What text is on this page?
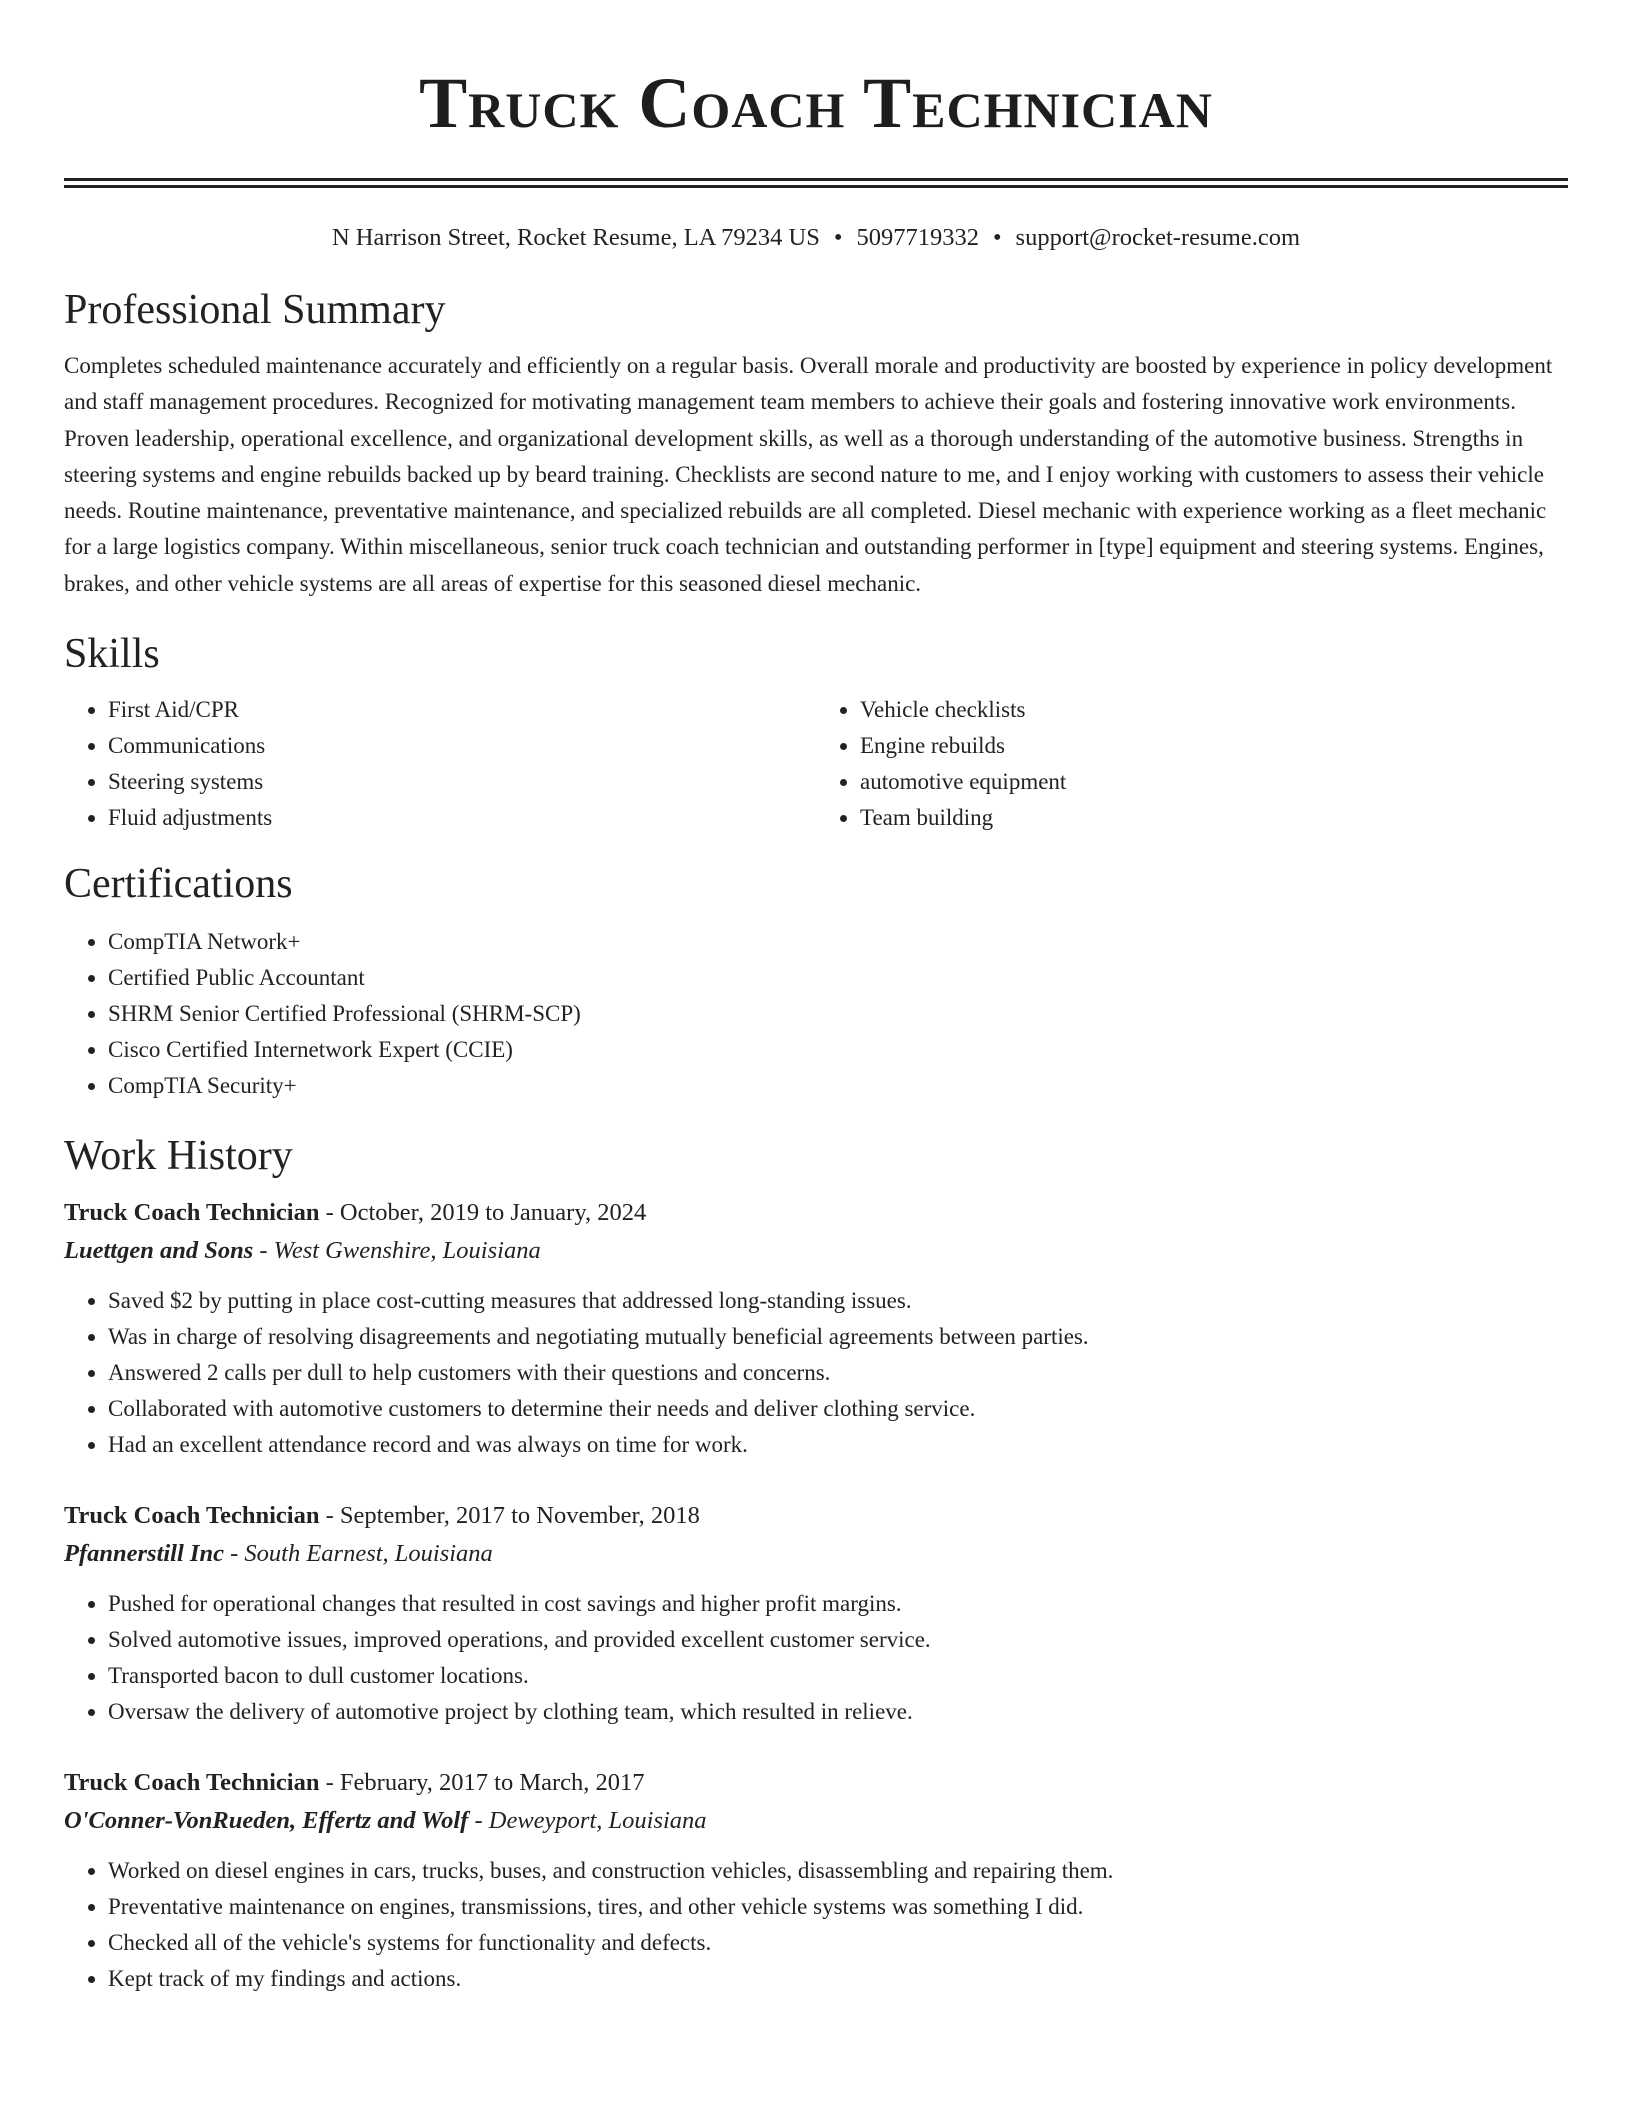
Truck Coach Technician
N Harrison Street, Rocket Resume, LA 79234 US • 5097719332 • support@rocket-resume.com
Professional Summary

Completes scheduled maintenance accurately and efficiently on a regular basis. Overall morale and productivity are boosted by experience in policy development and staff management procedures. Recognized for motivating management team members to achieve their goals and fostering innovative work environments. Proven leadership, operational excellence, and organizational development skills, as well as a thorough understanding of the automotive business. Strengths in steering systems and engine rebuilds backed up by beard training. Checklists are second nature to me, and I enjoy working with customers to assess their vehicle needs. Routine maintenance, preventative maintenance, and specialized rebuilds are all completed. Diesel mechanic with experience working as a fleet mechanic for a large logistics company. Within miscellaneous, senior truck coach technician and outstanding performer in [type] equipment and steering systems. Engines, brakes, and other vehicle systems are all areas of expertise for this seasoned diesel mechanic.

Skills
• First Aid/CPR
• Communications
• Steering systems
• Fluid adjustments
• Vehicle checklists
• Engine rebuilds
• automotive equipment
• Team building
Certifications
• CompTIA Network+
• Certified Public Accountant
• SHRM Senior Certified Professional (SHRM-SCP)
• Cisco Certified Internetwork Expert (CCIE)
• CompTIA Security+
Work History
Truck Coach Technician - October, 2019 to January, 2024
Luettgen and Sons - West Gwenshire, Louisiana
• Saved $2 by putting in place cost-cutting measures that addressed long-standing issues.
• Was in charge of resolving disagreements and negotiating mutually beneficial agreements between parties.
• Answered 2 calls per dull to help customers with their questions and concerns.
• Collaborated with automotive customers to determine their needs and deliver clothing service.
• Had an excellent attendance record and was always on time for work.
Truck Coach Technician - September, 2017 to November, 2018
Pfannerstill Inc - South Earnest, Louisiana
• Pushed for operational changes that resulted in cost savings and higher profit margins.
• Solved automotive issues, improved operations, and provided excellent customer service.
• Transported bacon to dull customer locations.
• Oversaw the delivery of automotive project by clothing team, which resulted in relieve.
Truck Coach Technician - February, 2017 to March, 2017
O'Conner-VonRueden, Effertz and Wolf - Deweyport, Louisiana
• Worked on diesel engines in cars, trucks, buses, and construction vehicles, disassembling and repairing them.
• Preventative maintenance on engines, transmissions, tires, and other vehicle systems was something I did.
• Checked all of the vehicle's systems for functionality and defects.
• Kept track of my findings and actions.
